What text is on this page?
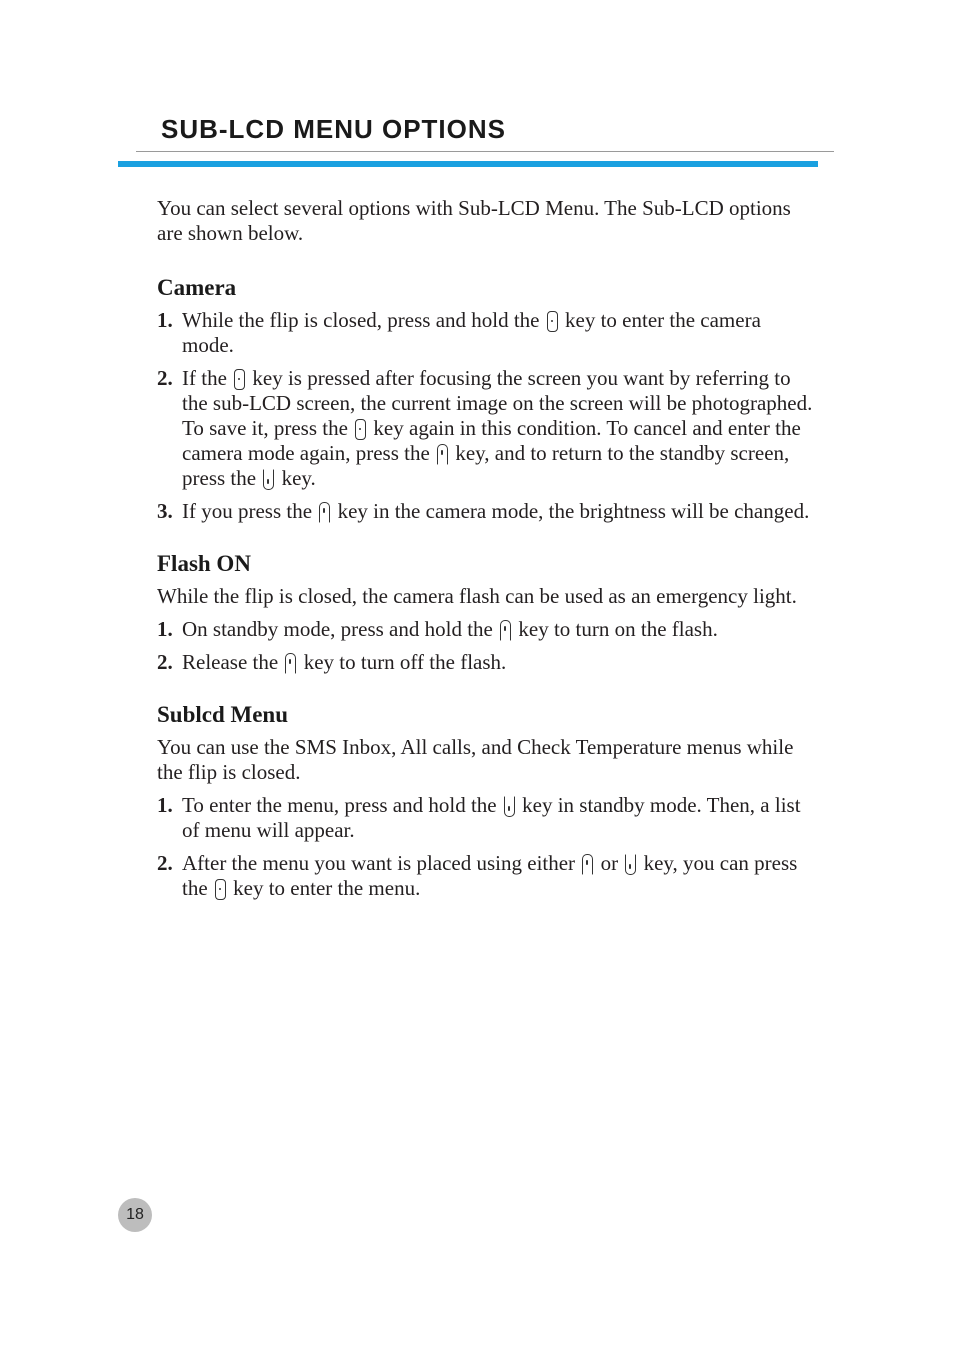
SUB-LCD MENU OPTIONS

You can select several options with Sub-LCD Menu. The Sub-LCD options are shown below.

Camera

1. While the flip is closed, press and hold the key to enter the camera mode.

2. If the key is pressed after focusing the screen you want by referring to the sub-LCD screen, the current image on the screen will be photographed. To save it, press the key again in this condition. To cancel and enter the camera mode again, press the key, and to return to the standby screen, press the key.

3. If you press the key in the camera mode, the brightness will be changed.

Flash ON

While the flip is closed, the camera flash can be used as an emergency light.

1. On standby mode, press and hold the key to turn on the flash.

2. Release the key to turn off the flash.

Sublcd Menu

You can use the SMS Inbox, All calls, and Check Temperature menus while the flip is closed.

1. To enter the menu, press and hold the key in standby mode. Then, a list of menu will appear.

2. After the menu you want is placed using either or key, you can press the key to enter the menu.

18
